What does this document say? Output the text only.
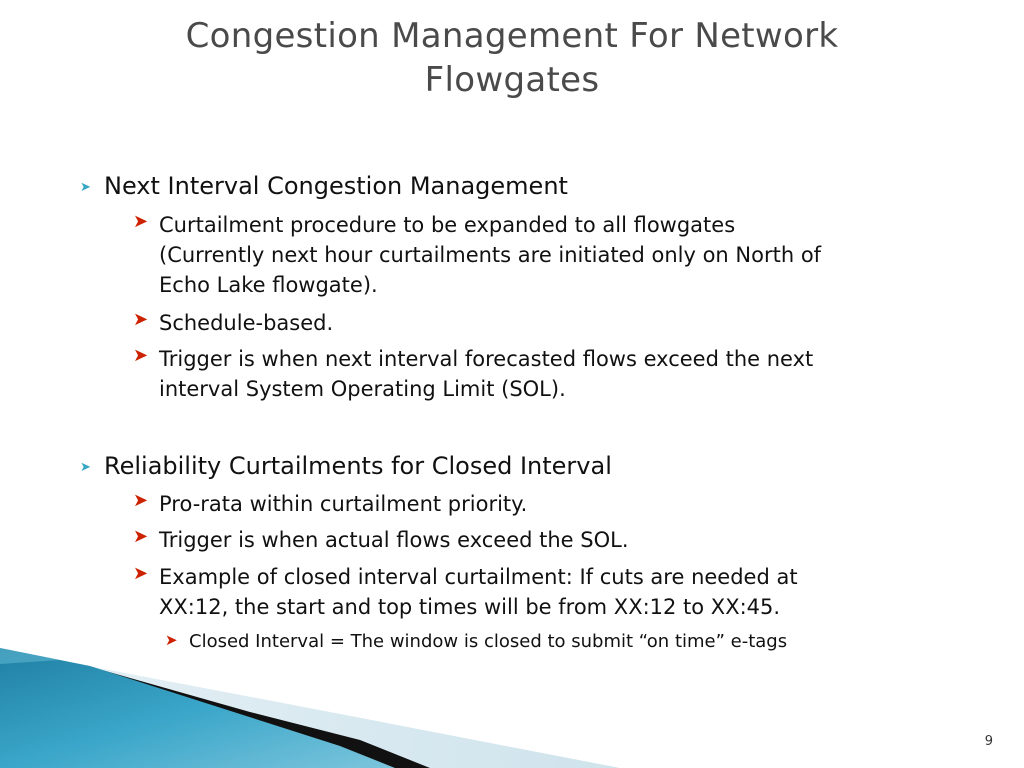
Congestion Management For Network
Flowgates
➤ Next Interval Congestion Management
➤ Curtailment procedure to be expanded to all flowgates
(Currently next hour curtailments are initiated only on North of
Echo Lake flowgate).
➤ Schedule-based.
➤ Trigger is when next interval forecasted flows exceed the next
interval System Operating Limit (SOL).
➤ Reliability Curtailments for Closed Interval
➤ Pro-rata within curtailment priority.
➤ Trigger is when actual flows exceed the SOL.
➤ Example of closed interval curtailment: If cuts are needed at
XX:12, the start and top times will be from XX:12 to XX:45.
➤ Closed Interval = The window is closed to submit “on time” e-tags
9
